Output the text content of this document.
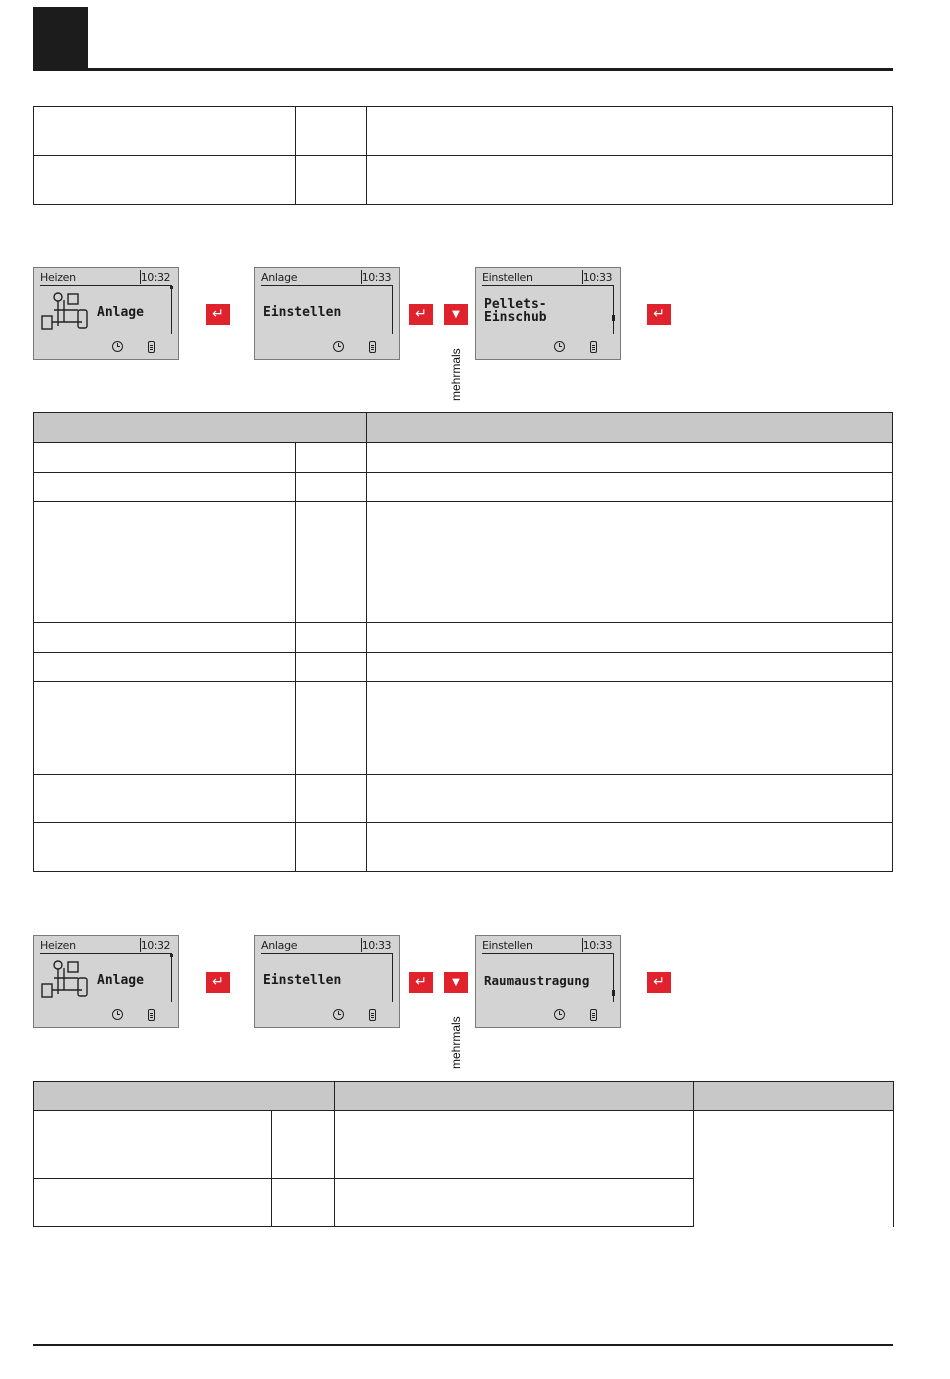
Heizen	10:32
Anlage	↵
Anlage	10:33
Einstellen	↵	▼
mehrmals
Einstellen	10:33
Pellets-
Einschub	↵

Heizen	10:32
Anlage	↵
Anlage	10:33
Einstellen	↵	▼
mehrmals
Einstellen	10:33
Raumaustragung	↵
